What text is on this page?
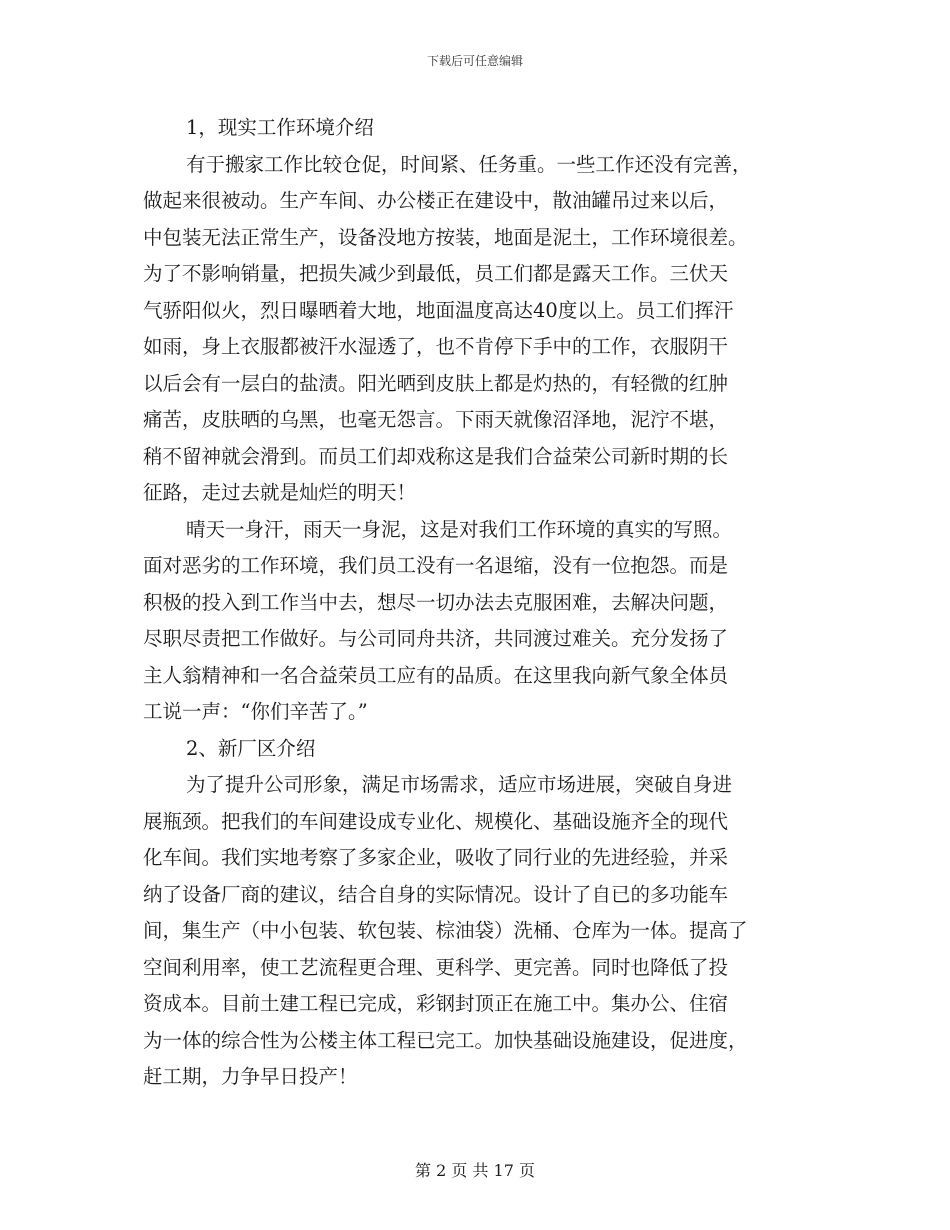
下载后可任意编辑
1，现实工作环境介绍
有于搬家工作比较仓促，时间紧、任务重。一些工作还没有完善，
做起来很被动。生产车间、办公楼正在建设中，散油罐吊过来以后，
中包装无法正常生产，设备没地方按装，地面是泥土，工作环境很差。
为了不影响销量，把损失减少到最低，员工们都是露天工作。三伏天
气骄阳似火，烈日曝晒着大地，地面温度高达40度以上。员工们挥汗
如雨，身上衣服都被汗水湿透了，也不肯停下手中的工作，衣服阴干
以后会有一层白的盐渍。阳光晒到皮肤上都是灼热的，有轻微的红肿
痛苦，皮肤晒的乌黑，也毫无怨言。下雨天就像沼泽地，泥泞不堪，
稍不留神就会滑到。而员工们却戏称这是我们合益荣公司新时期的长
征路，走过去就是灿烂的明天！
晴天一身汗，雨天一身泥，这是对我们工作环境的真实的写照。
面对恶劣的工作环境，我们员工没有一名退缩，没有一位抱怨。而是
积极的投入到工作当中去，想尽一切办法去克服困难，去解决问题，
尽职尽责把工作做好。与公司同舟共济，共同渡过难关。充分发扬了
主人翁精神和一名合益荣员工应有的品质。在这里我向新气象全体员
工说一声：“你们辛苦了。”
2、新厂区介绍
为了提升公司形象，满足市场需求，适应市场进展，突破自身进
展瓶颈。把我们的车间建设成专业化、规模化、基础设施齐全的现代
化车间。我们实地考察了多家企业，吸收了同行业的先进经验，并采
纳了设备厂商的建议，结合自身的实际情况。设计了自已的多功能车
间，集生产（中小包装、软包装、棕油袋）洗桶、仓库为一体。提高了
空间利用率，使工艺流程更合理、更科学、更完善。同时也降低了投
资成本。目前土建工程已完成，彩钢封顶正在施工中。集办公、住宿
为一体的综合性为公楼主体工程已完工。加快基础设施建设，促进度，
赶工期，力争早日投产！
第 2 页 共 17 页
